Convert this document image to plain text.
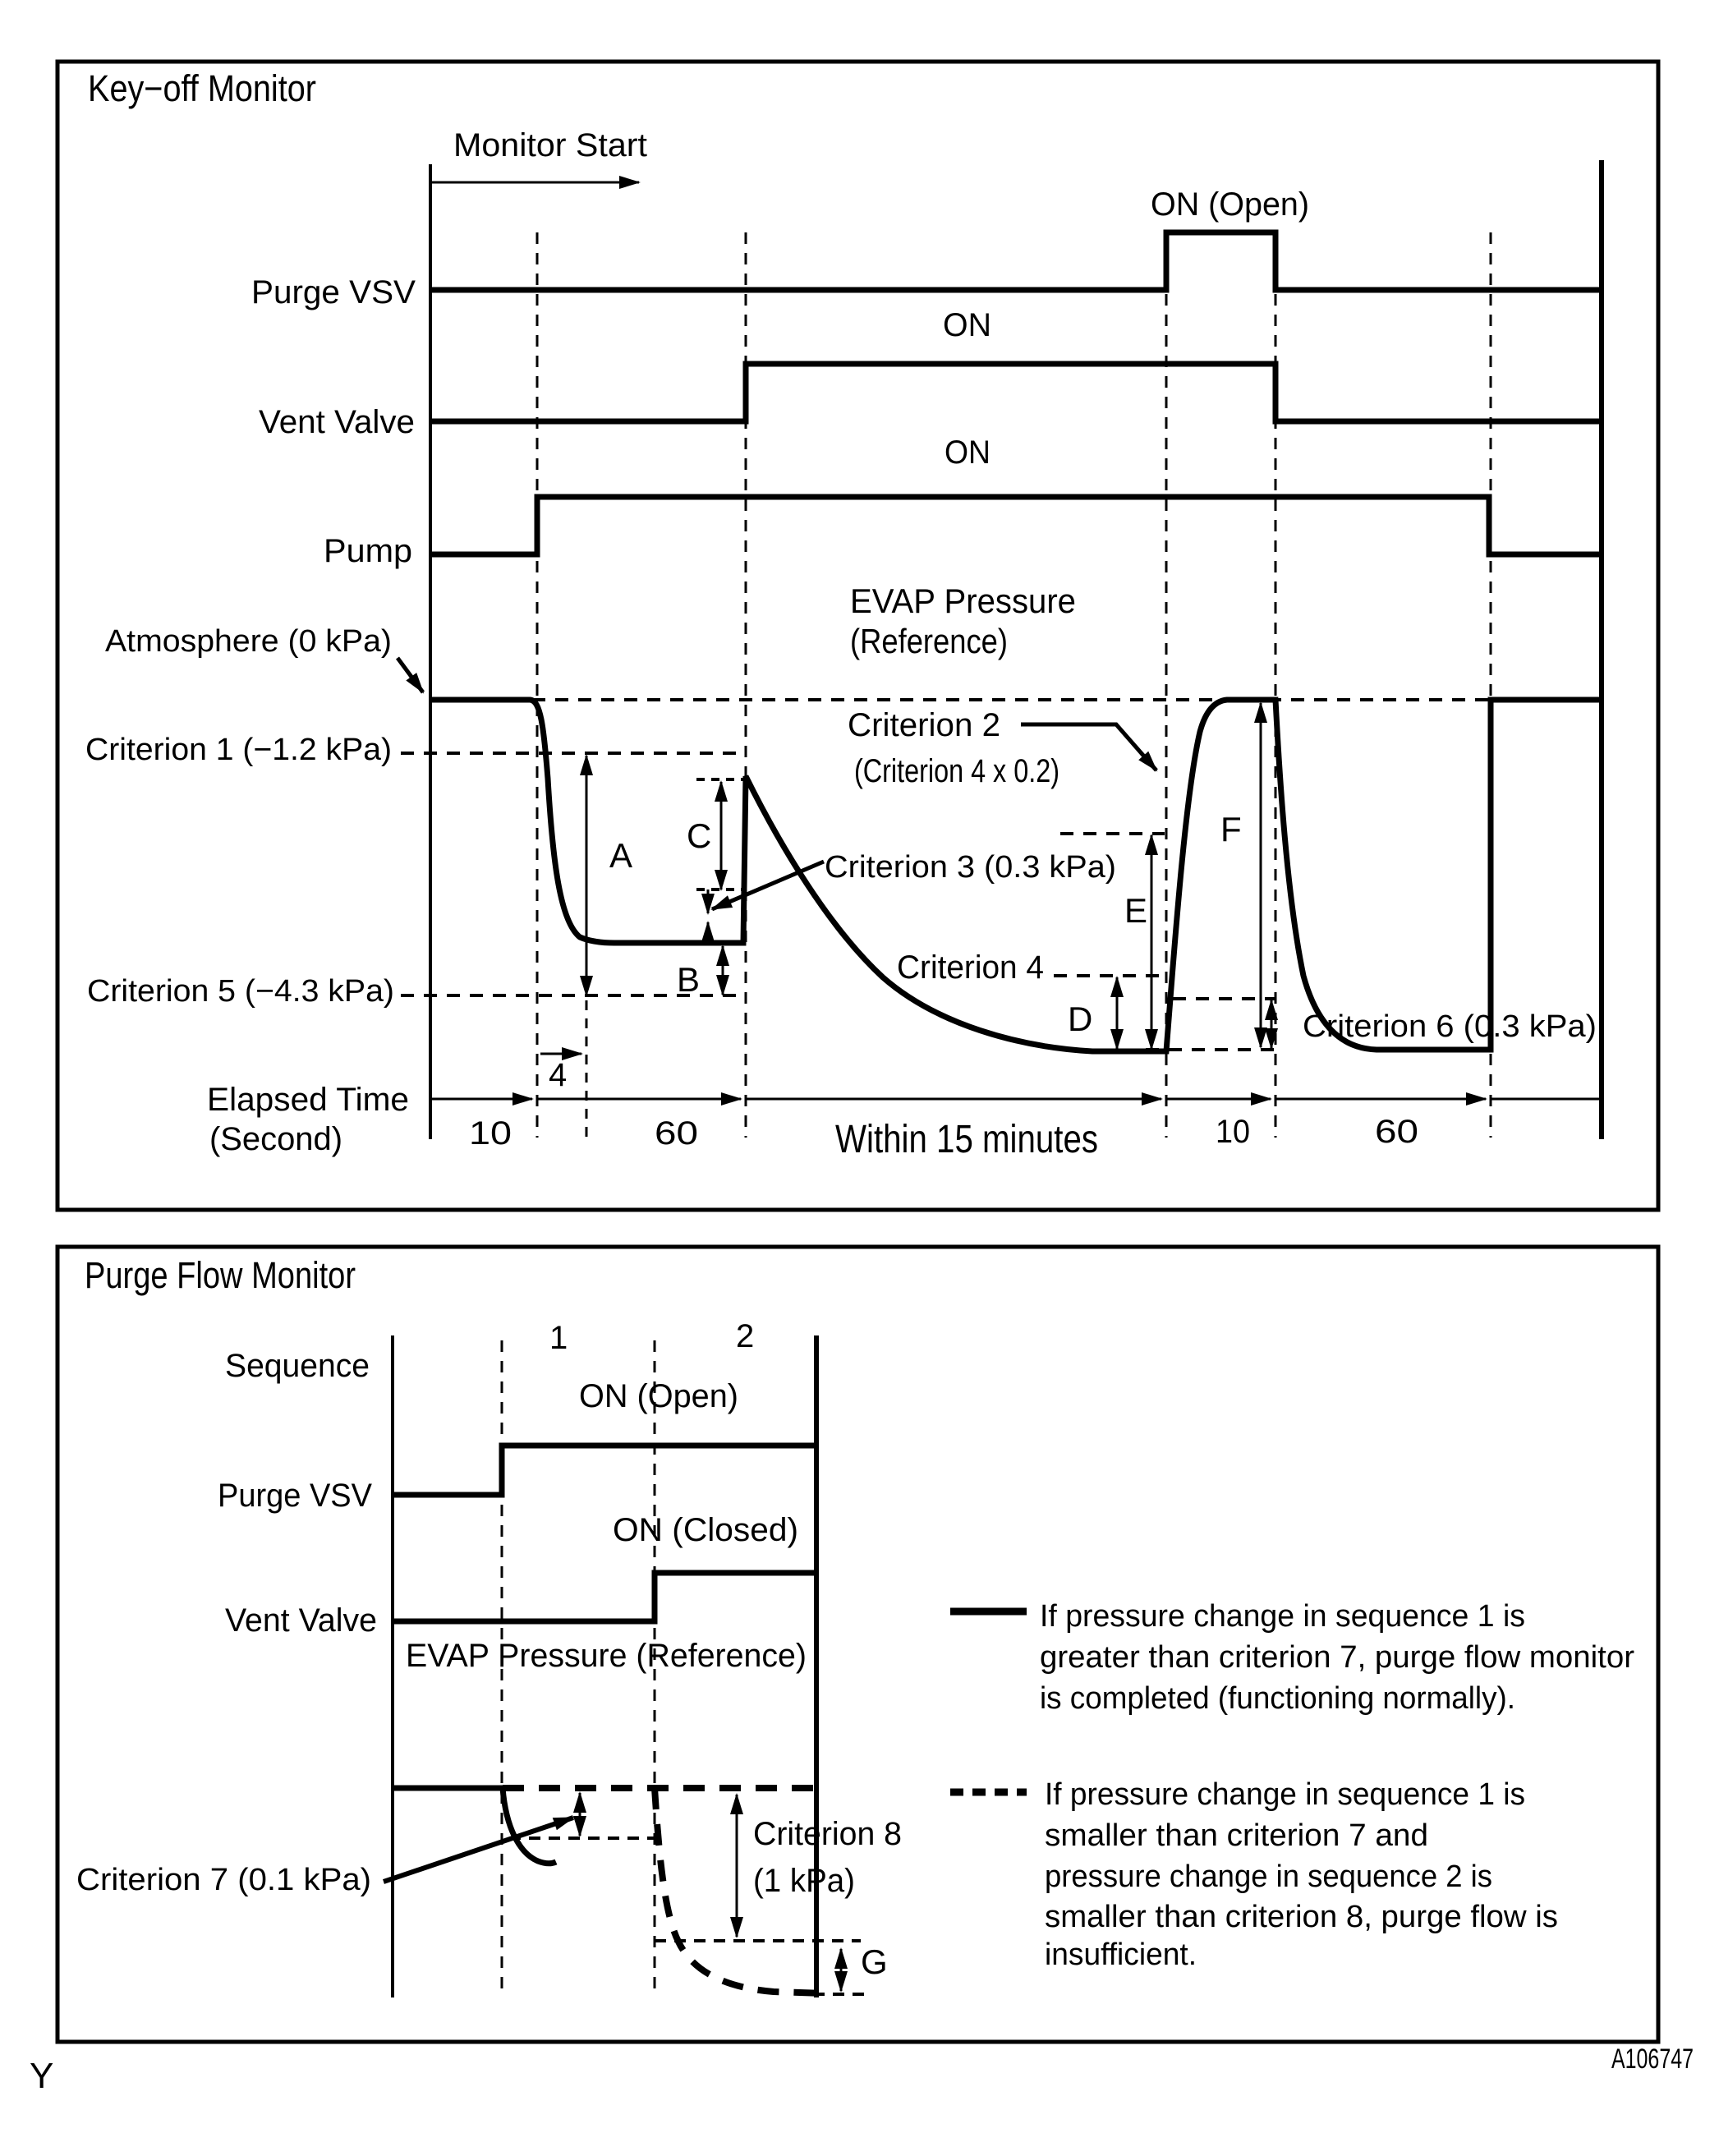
Key−off Monitor
Monitor Start
Purge VSV
Vent Valve
Pump
ON (Open)
ON
ON
EVAP Pressure
(Reference)
Atmosphere (0 kPa)
Criterion 1 (−1.2 kPa)
Criterion 5 (−4.3 kPa)
Criterion 2
(Criterion 4 x 0.2)
Criterion 3 (0.3 kPa)
Criterion 4
Criterion 6 (0.3 kPa)
A
B
C
D
E
F
Elapsed Time
(Second)	10
4
60	Within 15 minutes	10	60
Purge Flow Monitor
Sequence
1	2
ON (Open)
Purge VSV
ON (Closed)
Vent Valve
EVAP Pressure (Reference)
Criterion 7 (0.1 kPa)
Criterion 8
(1 kPa)
G
If pressure change in sequence 1 is
greater than criterion 7, purge flow monitor
is completed (functioning normally).
If pressure change in sequence 1 is
smaller than criterion 7 and
pressure change in sequence 2 is
smaller than criterion 8, purge flow is
insufficient.
A106747
Y
